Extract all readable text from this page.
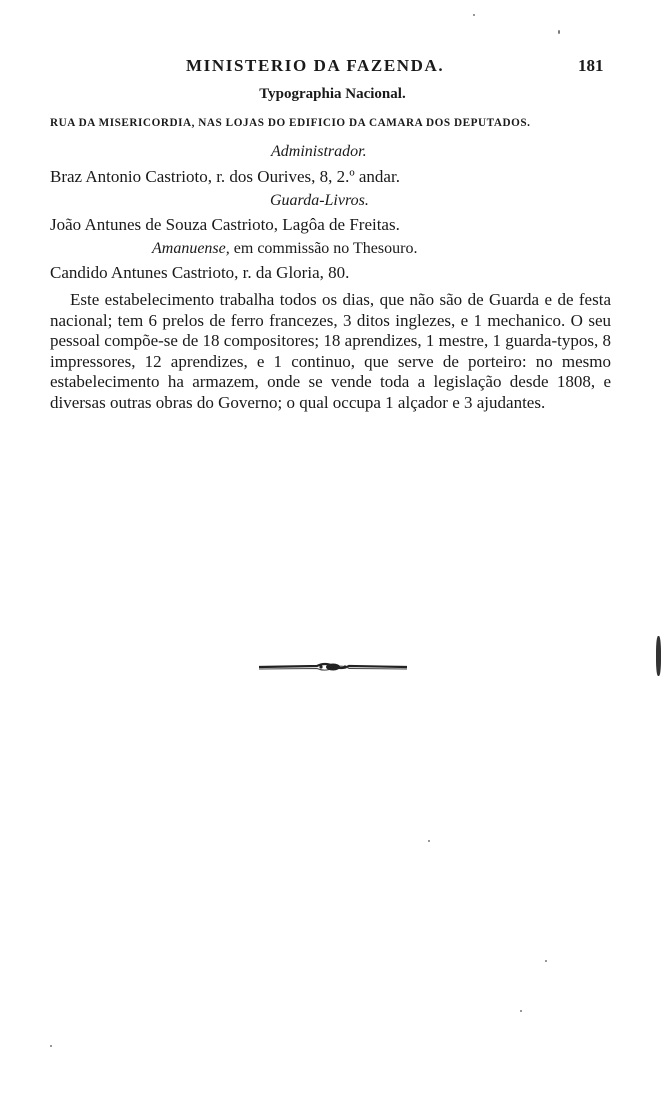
MINISTERIO DA FAZENDA.	181
Typographia Nacional.
RUA DA MISERICORDIA, NAS LOJAS DO EDIFICIO DA CAMARA DOS DEPUTADOS.
Administrador.
Braz Antonio Castrioto, r. dos Ourives, 8, 2.º andar.
Guarda-Livros.
João Antunes de Souza Castrioto, Lagôa de Freitas.
Amanuense, em commissão no Thesouro.
Candido Antunes Castrioto, r. da Gloria, 80.

Este estabelecimento trabalha todos os dias, que não são de Guarda e de festa nacional; tem 6 prelos de ferro francezes, 3 ditos inglezes, e 1 mechanico. O seu pessoal compõe-se de 18 compositores; 18 aprendizes, 1 mestre, 1 guarda-typos, 8 impressores, 12 aprendizes, e 1 continuo, que serve de porteiro: no mesmo estabelecimento ha armazem, onde se vende toda a legislação desde 1808, e diversas outras obras do Governo; o qual occupa 1 alçador e 3 ajudantes.
